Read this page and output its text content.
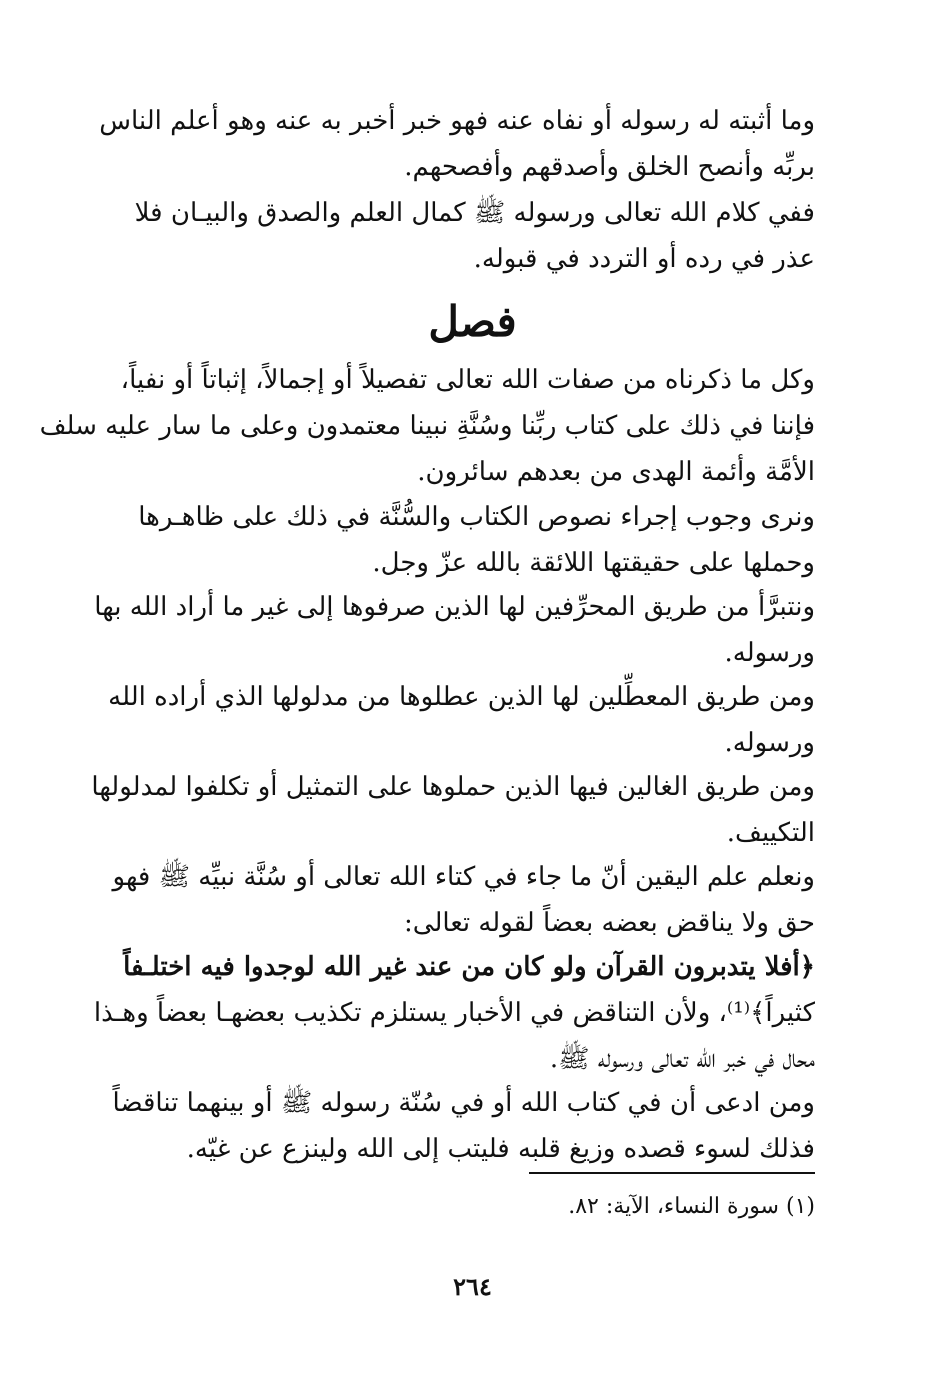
وما أثبته له رسوله أو نفاه عنه فهو خبر أخبر به عنه وهو أعلم الناس
بربِّه وأنصح الخلق وأصدقهم وأفصحهم.

ففي كلام الله تعالى ورسوله ﷺ كمال العلم والصدق والبيـان فلا
عذر في رده أو التردد في قبوله.

فصل

وكل ما ذكرناه من صفات الله تعالى تفصيلاً أو إجمالاً، إثباتاً أو نفياً،
فإننا في ذلك على كتاب ربِّنا وسُنَّةِ نبينا معتمدون وعلى ما سار عليه سلف
الأمَّة وأئمة الهدى من بعدهم سائرون.

ونرى وجوب إجراء نصوص الكتاب والسُّنَّة في ذلك على ظاهـرها
وحملها على حقيقتها اللائقة بالله عزّ وجل.

ونتبرَّأ من طريق المحرِّفين لها الذين صرفوها إلى غير ما أراد الله بها
ورسوله.

ومن طريق المعطِّلين لها الذين عطلوها من مدلولها الذي أراده الله
ورسوله.

ومن طريق الغالين فيها الذين حملوها على التمثيل أو تكلفوا لمدلولها
التكييف.

ونعلم علم اليقين أنّ ما جاء في كتاء الله تعالى أو سُنَّة نبيِّه ﷺ فهو
حق ولا يناقض بعضه بعضاً لقوله تعالى:

﴿أفلا يتدبرون القرآن ولو كان من عند غير الله لوجدوا فيه اختلـفاً
كثيراً﴾⁽¹⁾، ولأن التناقض في الأخبار يستلزم تكذيب بعضهـا بعضاً وهـذا
محال في خبر الله تعالى ورسوله ﷺ.

ومن ادعى أن في كتاب الله أو في سُنّة رسوله ﷺ أو بينهما تناقضاً
فذلك لسوء قصده وزيغ قلبه فليتب إلى الله ولينزع عن غيّه.

(١) سورة النساء، الآية: ٨٢.

٢٦٤
